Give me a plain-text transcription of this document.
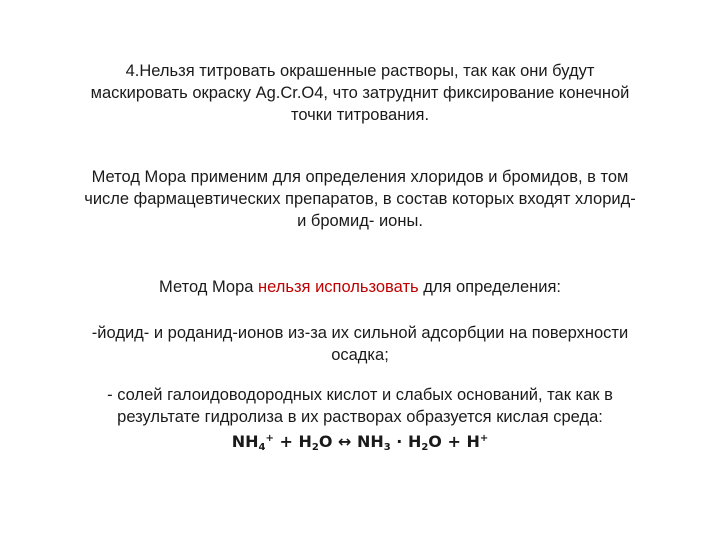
4.Нельзя титровать окрашенные растворы, так как они будут
маскировать окраску Ag.Cr.O4, что затруднит фиксирование конечной
точки титрования.
Метод Мора применим для определения хлоридов и бромидов, в том
числе фармацевтических препаратов, в состав которых входят хлорид-
и бромид- ионы.
Метод Мора нельзя использовать для определения:
-йодид- и роданид-ионов из-за их сильной адсорбции на поверхности
осадка;
- солей галоидоводородных кислот и слабых оснований, так как в
результате гидролиза в их растворах образуется кислая среда:
$NH_4^+ + H_2O$ ↔ $NH_3 \cdot H_2O + H^+$
